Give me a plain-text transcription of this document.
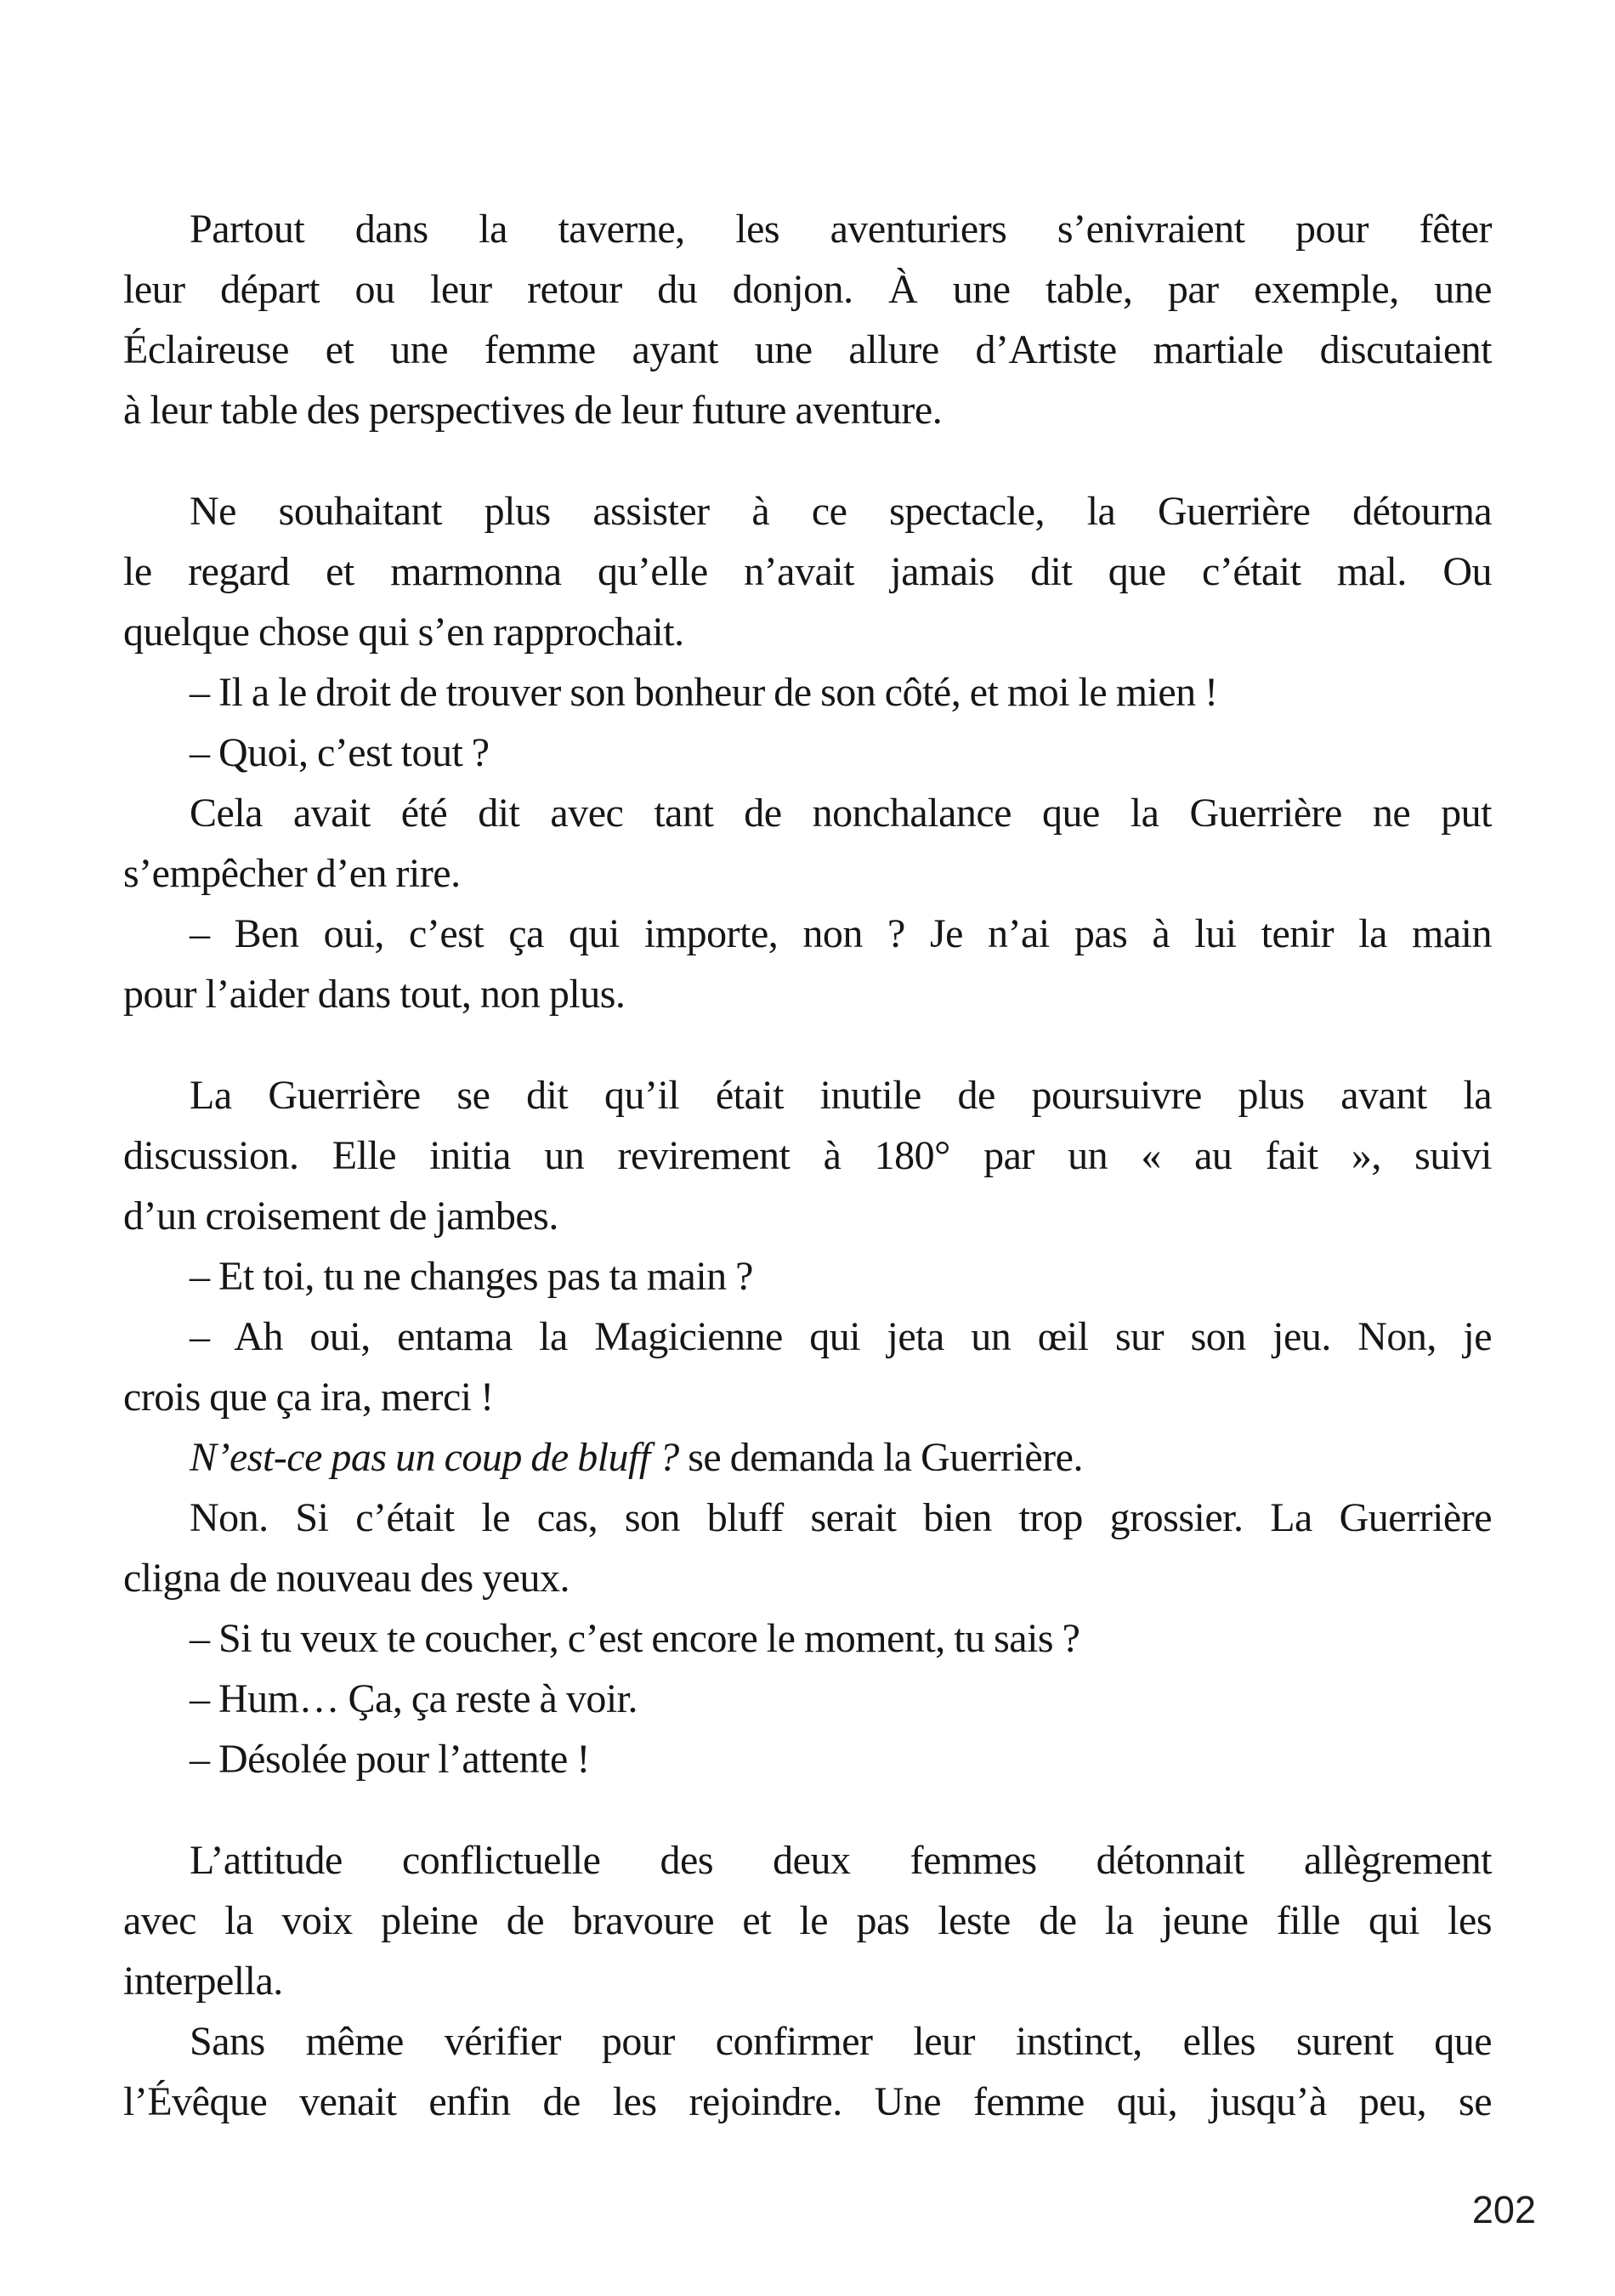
Partout dans la taverne, les aventuriers s’enivraient pour fêter
leur départ ou leur retour du donjon. À une table, par exemple, une
Éclaireuse et une femme ayant une allure d’Artiste martiale discutaient
à leur table des perspectives de leur future aventure.

Ne souhaitant plus assister à ce spectacle, la Guerrière détourna
le regard et marmonna qu’elle n’avait jamais dit que c’était mal. Ou
quelque chose qui s’en rapprochait.

– Il a le droit de trouver son bonheur de son côté, et moi le mien !

– Quoi, c’est tout ?

Cela avait été dit avec tant de nonchalance que la Guerrière ne put
s’empêcher d’en rire.

– Ben oui, c’est ça qui importe, non ? Je n’ai pas à lui tenir la main
pour l’aider dans tout, non plus.

La Guerrière se dit qu’il était inutile de poursuivre plus avant la
discussion. Elle initia un revirement à 180° par un « au fait », suivi
d’un croisement de jambes.

– Et toi, tu ne changes pas ta main ?

– Ah oui, entama la Magicienne qui jeta un œil sur son jeu. Non, je
crois que ça ira, merci !

N’est-ce pas un coup de bluff ? se demanda la Guerrière.

Non. Si c’était le cas, son bluff serait bien trop grossier. La Guerrière
cligna de nouveau des yeux.

– Si tu veux te coucher, c’est encore le moment, tu sais ?

– Hum… Ça, ça reste à voir.

– Désolée pour l’attente !

L’attitude conflictuelle des deux femmes détonnait allègrement
avec la voix pleine de bravoure et le pas leste de la jeune fille qui les
interpella.

Sans même vérifier pour confirmer leur instinct, elles surent que
l’Évêque venait enfin de les rejoindre. Une femme qui, jusqu’à peu, se

202
